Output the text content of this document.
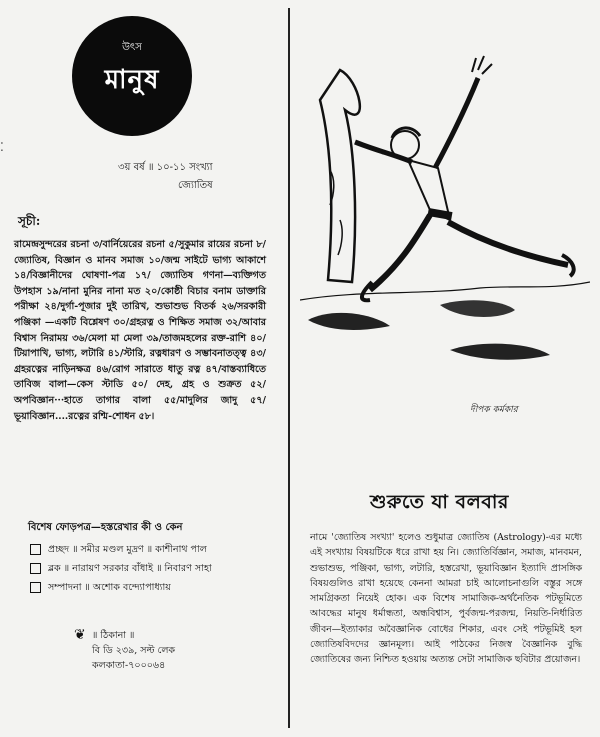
⁚
উৎস
মানুষ
৩য় বর্ষ ॥ ১০-১১ সংখ্যা
জ্যোতিষ
সূচী:
রামেন্দ্রসুন্দরের রচনা ৩/বার্নিয়েরের রচনা ৫/সুকুমার রায়ের রচনা ৮/জ্যোতিষ, বিজ্ঞান ও মানব সমাজ ১০/জন্ম সাইটে ভাগ্য আকাশে ১৪/বিজ্ঞানীদের ঘোষণা-পত্র ১৭/ জ্যোতিষ গণনা—ব্যক্তিগত উপহাস ১৯/নানা মুনির নানা মত ২০/কোষ্ঠী বিচার বনাম ডাক্তারি পরীক্ষা ২৪/দুর্গা-পূজার দুই তারিখ, শুভাশুভ বিতর্ক ২৬/সরকারী পঞ্জিকা —একটি বিশ্লেষণ ৩০/গ্রহরত্ন ও শিক্ষিত সমাজ ৩২/আবার বিশ্বাস নিরাময় ৩৬/মেলা মা মেলা ৩৯/তাজমহলের রক্ত-রাশি ৪০/টিয়াপাখি, ভাগ্য, লটারি ৪১/স্টারি, রত্নধারণ ও সম্ভাবনাতত্ত্ব ৪৩/গ্রহরত্নের নাড়িনক্ষত্র ৪৬/রোগ সারাতে ধাতু রত্ন ৪৭/বাস্তব্যাধিতে তাবিজ বালা—কেস স্টাডি ৫০/ দেহ, গ্রহ ও শুক্রত ৫২/অপবিজ্ঞান···হাতে তাগার বালা ৫৫/মাদুলির জাদু ৫৭/ভূয়াবিজ্ঞান....রত্নের রশ্মি-শোধন ৫৮।
বিশেষ ফোড়পত্র—হস্তরেখার কী ও কেন
প্রচ্ছদ ॥ সমীর মণ্ডল মুদ্রণ ॥ কাশীনাথ পাল
ব্লক ॥ নারায়ণ সরকার বাঁধাই ॥ নিবারণ সাহা
সম্পাদনা ॥ অশোক বন্দ্যোপাধ্যায়
❦ ॥ ঠিকানা ॥
বি ডি ২৩৯, সল্ট লেক
কলকাতা-৭০০০৬৪
দীপক কর্মকার
শুরুতে যা বলবার
নামে 'জ্যোতিষ সংখ্যা' হলেও শুধুমাত্র জ্যোতিষ (Astrology)-এর মধ্যে এই সংখ্যায় বিষয়টিকে ধরে রাখা হয় নি। জ্যোতির্বিজ্ঞান, সমাজ, মানবমন, শুভাশুভ, পঞ্জিকা, ভাগ্য, লটারি, হস্তরেখা, ভূয়াবিজ্ঞান ইত্যাদি প্রাসঙ্গিক বিষয়গুলিও রাখা হয়েছে কেননা আমরা চাই আলোচনাগুলি বস্তুর সঙ্গে সামগ্রিকতা নিয়েই হোক। এক বিশেষ সামাজিক-অর্থনৈতিক পটভূমিতে আবদ্ধের মানুষ ধর্মান্ধতা, অন্ধবিশ্বাস, পুর্বজন্ম-পরজন্ম, নিয়তি-নির্ধারিত জীবন—ইত্যাকার অবৈজ্ঞানিক বোধের শিকার, এবং সেই পটভূমিই হল জ্যোতিষবিদদের জ্ঞানমূল্য। আই পাঠকের নিজস্ব বৈজ্ঞানিক বুদ্ধি জ্যোতিষের জন্য নিশ্চিত হওয়ায় অত্যন্ত সেটা সামাজিক ছবিটার প্রয়োজন।
